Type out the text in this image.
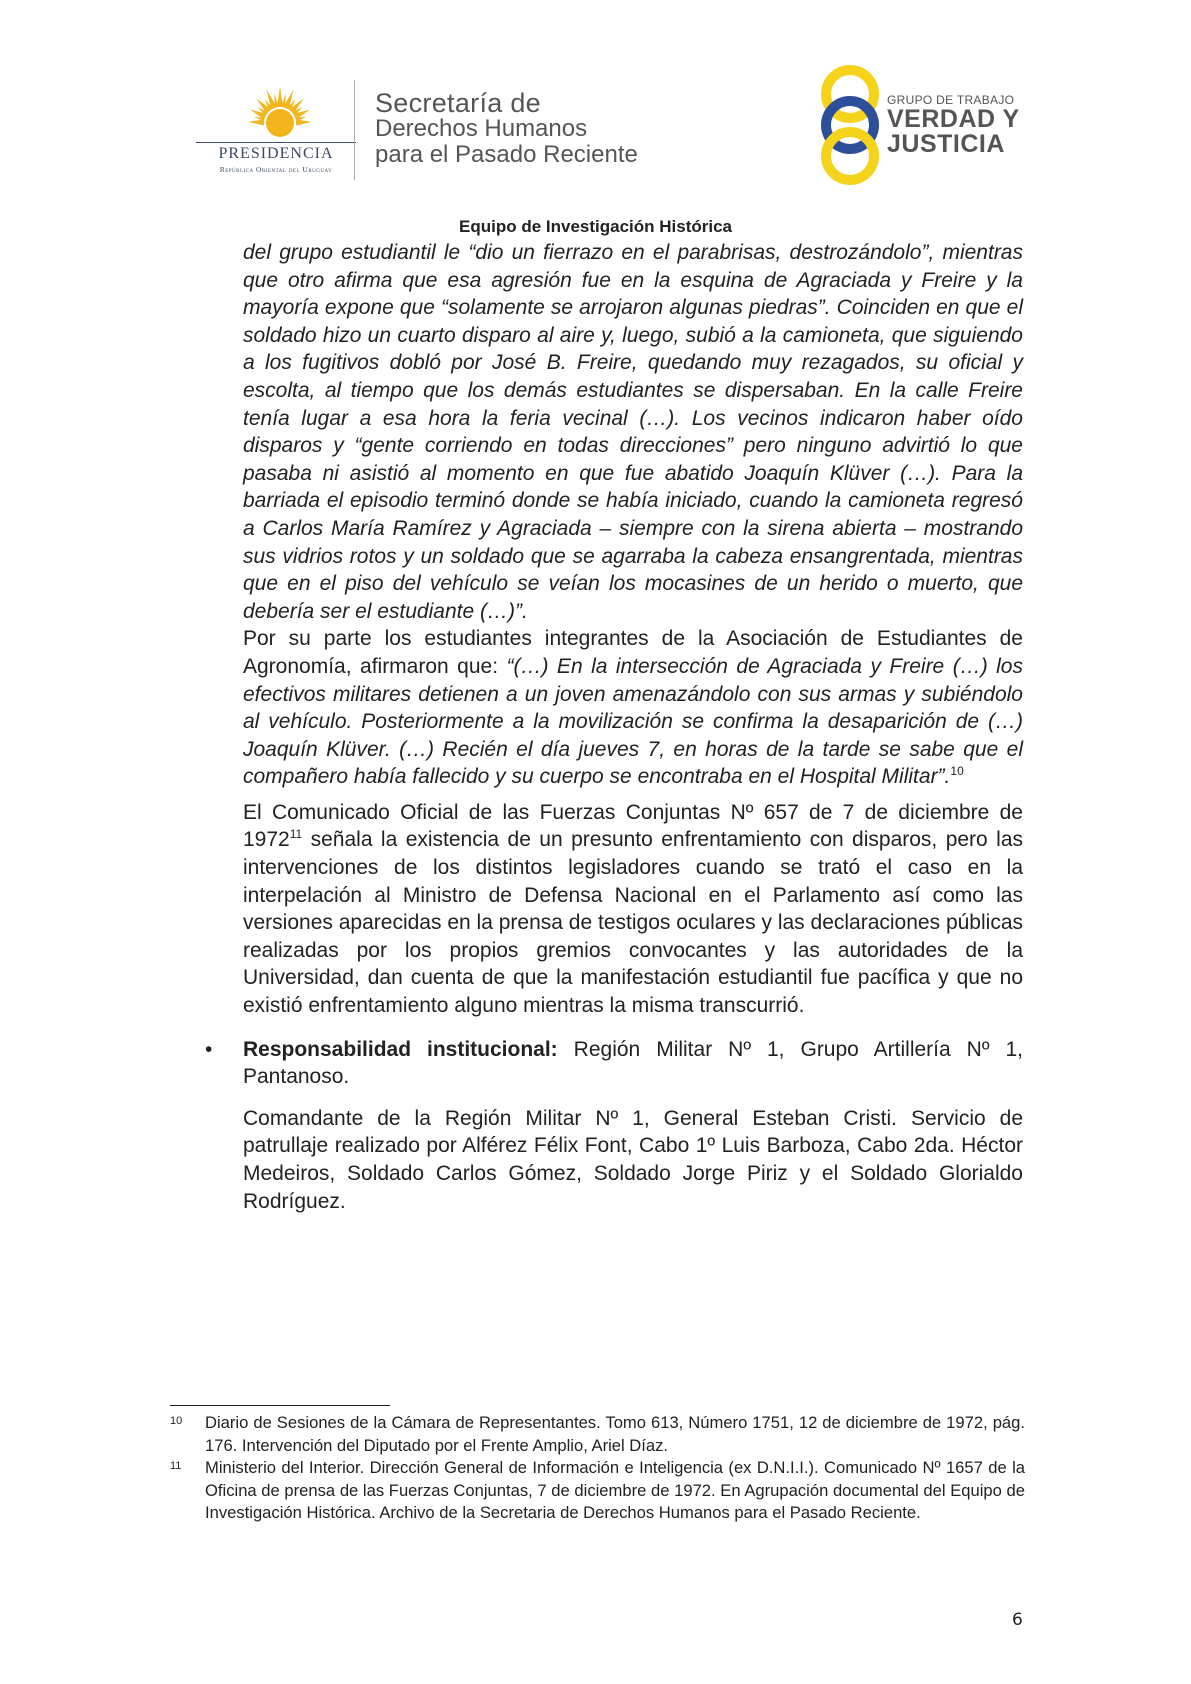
PRESIDENCIA
República Oriental del Uruguay
Secretaría de
Derechos Humanos
para el Pasado Reciente
GRUPO DE TRABAJO
VERDAD Y
JUSTICIA
Equipo de Investigación Histórica

del grupo estudiantil le “dio un fierrazo en el parabrisas, destrozándolo”, mientras que otro afirma que esa agresión fue en la esquina de Agraciada y Freire y la mayoría expone que “solamente se arrojaron algunas piedras”. Coinciden en que el soldado hizo un cuarto disparo al aire y, luego, subió a la camioneta, que siguiendo a los fugitivos dobló por José B. Freire, quedando muy rezagados, su oficial y escolta, al tiempo que los demás estudiantes se dispersaban. En la calle Freire tenía lugar a esa hora la feria vecinal (…). Los vecinos indicaron haber oído disparos y “gente corriendo en todas direcciones” pero ninguno advirtió lo que pasaba ni asistió al momento en que fue abatido Joaquín Klüver (…). Para la barriada el episodio terminó donde se había iniciado, cuando la camioneta regresó a Carlos María Ramírez y Agraciada – siempre con la sirena abierta – mostrando sus vidrios rotos y un soldado que se agarraba la cabeza ensangrentada, mientras que en el piso del vehículo se veían los mocasines de un herido o muerto, que debería ser el estudiante (…)”.

Por su parte los estudiantes integrantes de la Asociación de Estudiantes de Agronomía, afirmaron que: “(…) En la intersección de Agraciada y Freire (…) los efectivos militares detienen a un joven amenazándolo con sus armas y subiéndolo al vehículo. Posteriormente a la movilización se confirma la desaparición de (…) Joaquín Klüver. (…) Recién el día jueves 7, en horas de la tarde se sabe que el compañero había fallecido y su cuerpo se encontraba en el Hospital Militar”.$^{10}$

El Comunicado Oficial de las Fuerzas Conjuntas Nº 657 de 7 de diciembre de 1972$^{11}$ señala la existencia de un presunto enfrentamiento con disparos, pero las intervenciones de los distintos legisladores cuando se trató el caso en la interpelación al Ministro de Defensa Nacional en el Parlamento así como las versiones aparecidas en la prensa de testigos oculares y las declaraciones públicas realizadas por los propios gremios convocantes y las autoridades de la Universidad, dan cuenta de que la manifestación estudiantil fue pacífica y que no existió enfrentamiento alguno mientras la misma transcurrió.

• Responsabilidad institucional: Región Militar Nº 1, Grupo Artillería Nº 1, Pantanoso.

Comandante de la Región Militar Nº 1, General Esteban Cristi. Servicio de patrullaje realizado por Alférez Félix Font, Cabo 1º Luis Barboza, Cabo 2da. Héctor Medeiros, Soldado Carlos Gómez, Soldado Jorge Piriz y el Soldado Glorialdo Rodríguez.

10 Diario de Sesiones de la Cámara de Representantes. Tomo 613, Número 1751, 12 de diciembre de 1972, pág. 176. Intervención del Diputado por el Frente Amplio, Ariel Díaz.
11 Ministerio del Interior. Dirección General de Información e Inteligencia (ex D.N.I.I.). Comunicado Nº 1657 de la Oficina de prensa de las Fuerzas Conjuntas, 7 de diciembre de 1972. En Agrupación documental del Equipo de Investigación Histórica. Archivo de la Secretaria de Derechos Humanos para el Pasado Reciente.
6
